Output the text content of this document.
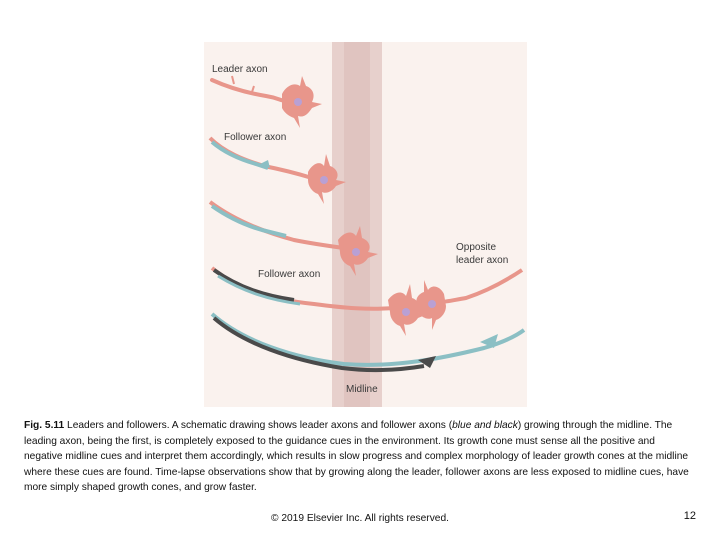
Leader axon
Follower axon
Follower axon
Opposite
leader axon
Midline
Fig. 5.11 Leaders and followers. A schematic drawing shows leader axons and follower axons (blue and black) growing through the midline. The leading axon, being the first, is completely exposed to the guidance cues in the environment. Its growth cone must sense all the positive and negative midline cues and interpret them accordingly, which results in slow progress and complex morphology of leader growth cones at the midline where these cues are found. Time-lapse observations show that by growing along the leader, follower axons are less exposed to midline cues, have more simply shaped growth cones, and grow faster.
© 2019 Elsevier Inc. All rights reserved.	12
